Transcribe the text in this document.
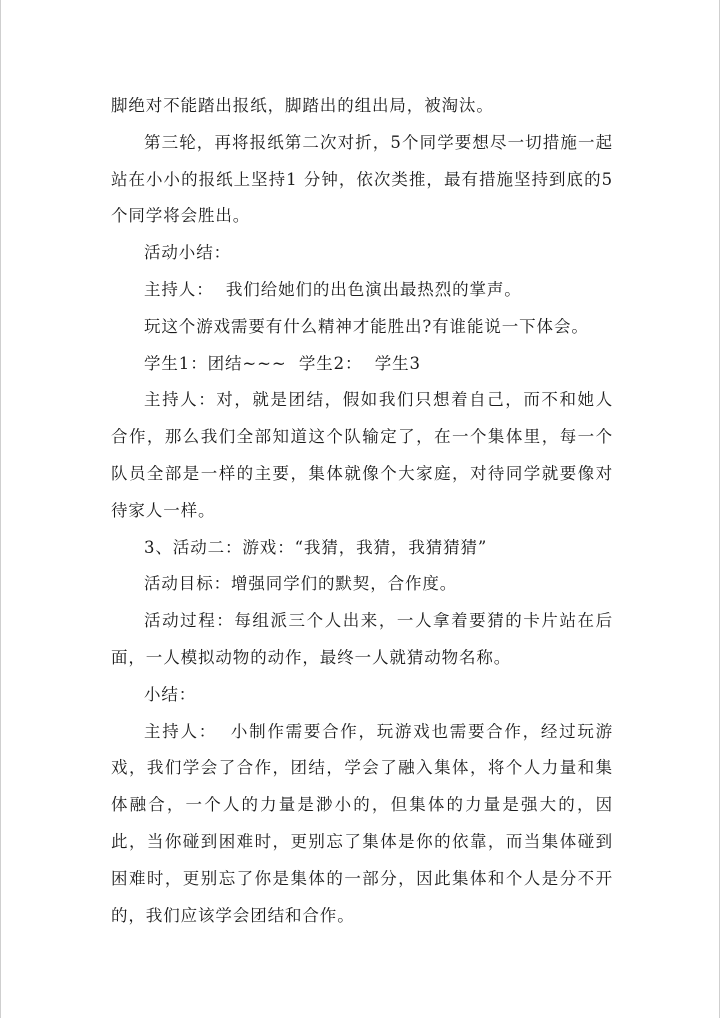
脚绝对不能踏出报纸，脚踏出的组出局，被淘汰。

第三轮，再将报纸第二次对折，5个同学要想尽一切措施一起站在小小的报纸上坚持1 分钟，依次类推，最有措施坚持到底的5个同学将会胜出。

活动小结：

主持人：  我们给她们的出色演出最热烈的掌声。

玩这个游戏需要有什么精神才能胜出?有谁能说一下体会。

学生1：团结~~~  学生2：  学生3

主持人：对，就是团结，假如我们只想着自己，而不和她人合作，那么我们全部知道这个队输定了，在一个集体里，每一个队员全部是一样的主要，集体就像个大家庭，对待同学就要像对待家人一样。

3、活动二：游戏：“我猜，我猜，我猜猜猜”

活动目标：增强同学们的默契，合作度。

活动过程：每组派三个人出来，一人拿着要猜的卡片站在后面，一人模拟动物的动作，最终一人就猜动物名称。

小结：

主持人：  小制作需要合作，玩游戏也需要合作，经过玩游戏，我们学会了合作，团结，学会了融入集体，将个人力量和集体融合，一个人的力量是渺小的，但集体的力量是强大的，因此，当你碰到困难时，更别忘了集体是你的依靠，而当集体碰到困难时，更别忘了你是集体的一部分，因此集体和个人是分不开的，我们应该学会团结和合作。
